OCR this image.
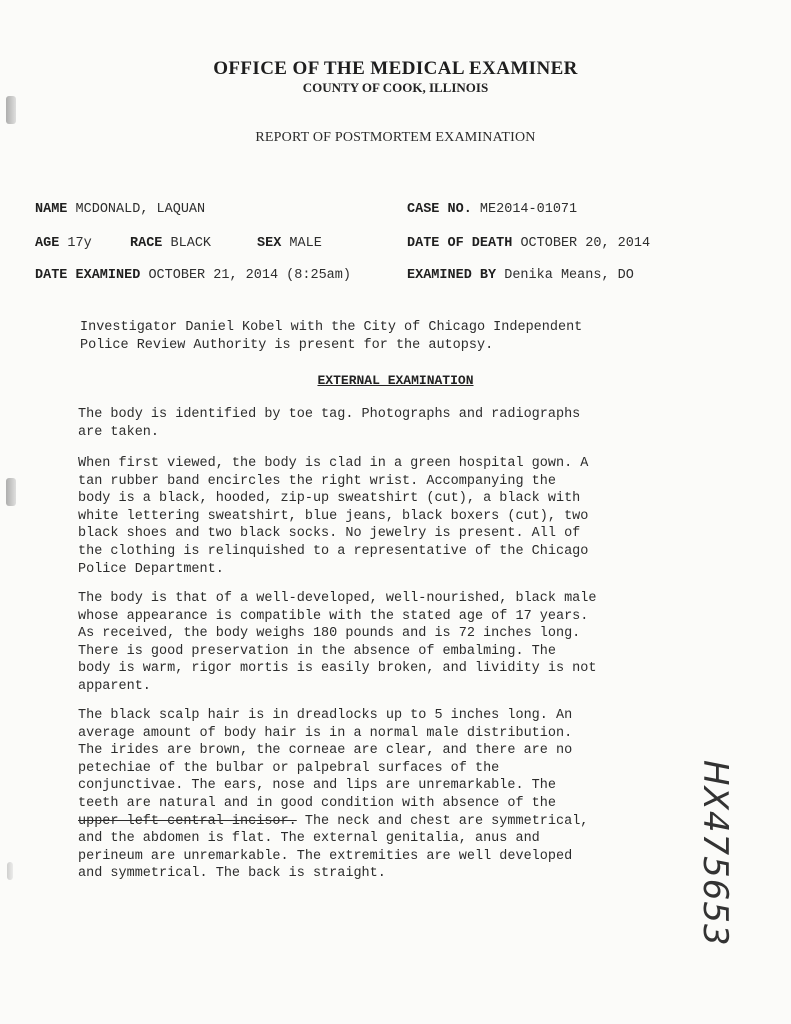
OFFICE OF THE MEDICAL EXAMINER
COUNTY OF COOK, ILLINOIS
REPORT OF POSTMORTEM EXAMINATION
NAME MCDONALD, LAQUAN	CASE NO. ME2014-01071
AGE 17y	RACE BLACK	SEX MALE	DATE OF DEATH OCTOBER 20, 2014
DATE EXAMINED OCTOBER 21, 2014 (8:25am)	EXAMINED BY Denika Means, DO
Investigator Daniel Kobel with the City of Chicago Independent
Police Review Authority is present for the autopsy.
EXTERNAL EXAMINATION
The body is identified by toe tag. Photographs and radiographs
are taken.
When first viewed, the body is clad in a green hospital gown. A
tan rubber band encircles the right wrist. Accompanying the
body is a black, hooded, zip-up sweatshirt (cut), a black with
white lettering sweatshirt, blue jeans, black boxers (cut), two
black shoes and two black socks. No jewelry is present. All of
the clothing is relinquished to a representative of the Chicago
Police Department.
The body is that of a well-developed, well-nourished, black male
whose appearance is compatible with the stated age of 17 years.
As received, the body weighs 180 pounds and is 72 inches long.
There is good preservation in the absence of embalming. The
body is warm, rigor mortis is easily broken, and lividity is not
apparent.
The black scalp hair is in dreadlocks up to 5 inches long. An
average amount of body hair is in a normal male distribution.
The irides are brown, the corneae are clear, and there are no
petechiae of the bulbar or palpebral surfaces of the
conjunctivae. The ears, nose and lips are unremarkable. The
teeth are natural and in good condition with absence of the
upper left central incisor. The neck and chest are symmetrical,
and the abdomen is flat. The external genitalia, anus and
perineum are unremarkable. The extremities are well developed
and symmetrical. The back is straight.	HX475653
